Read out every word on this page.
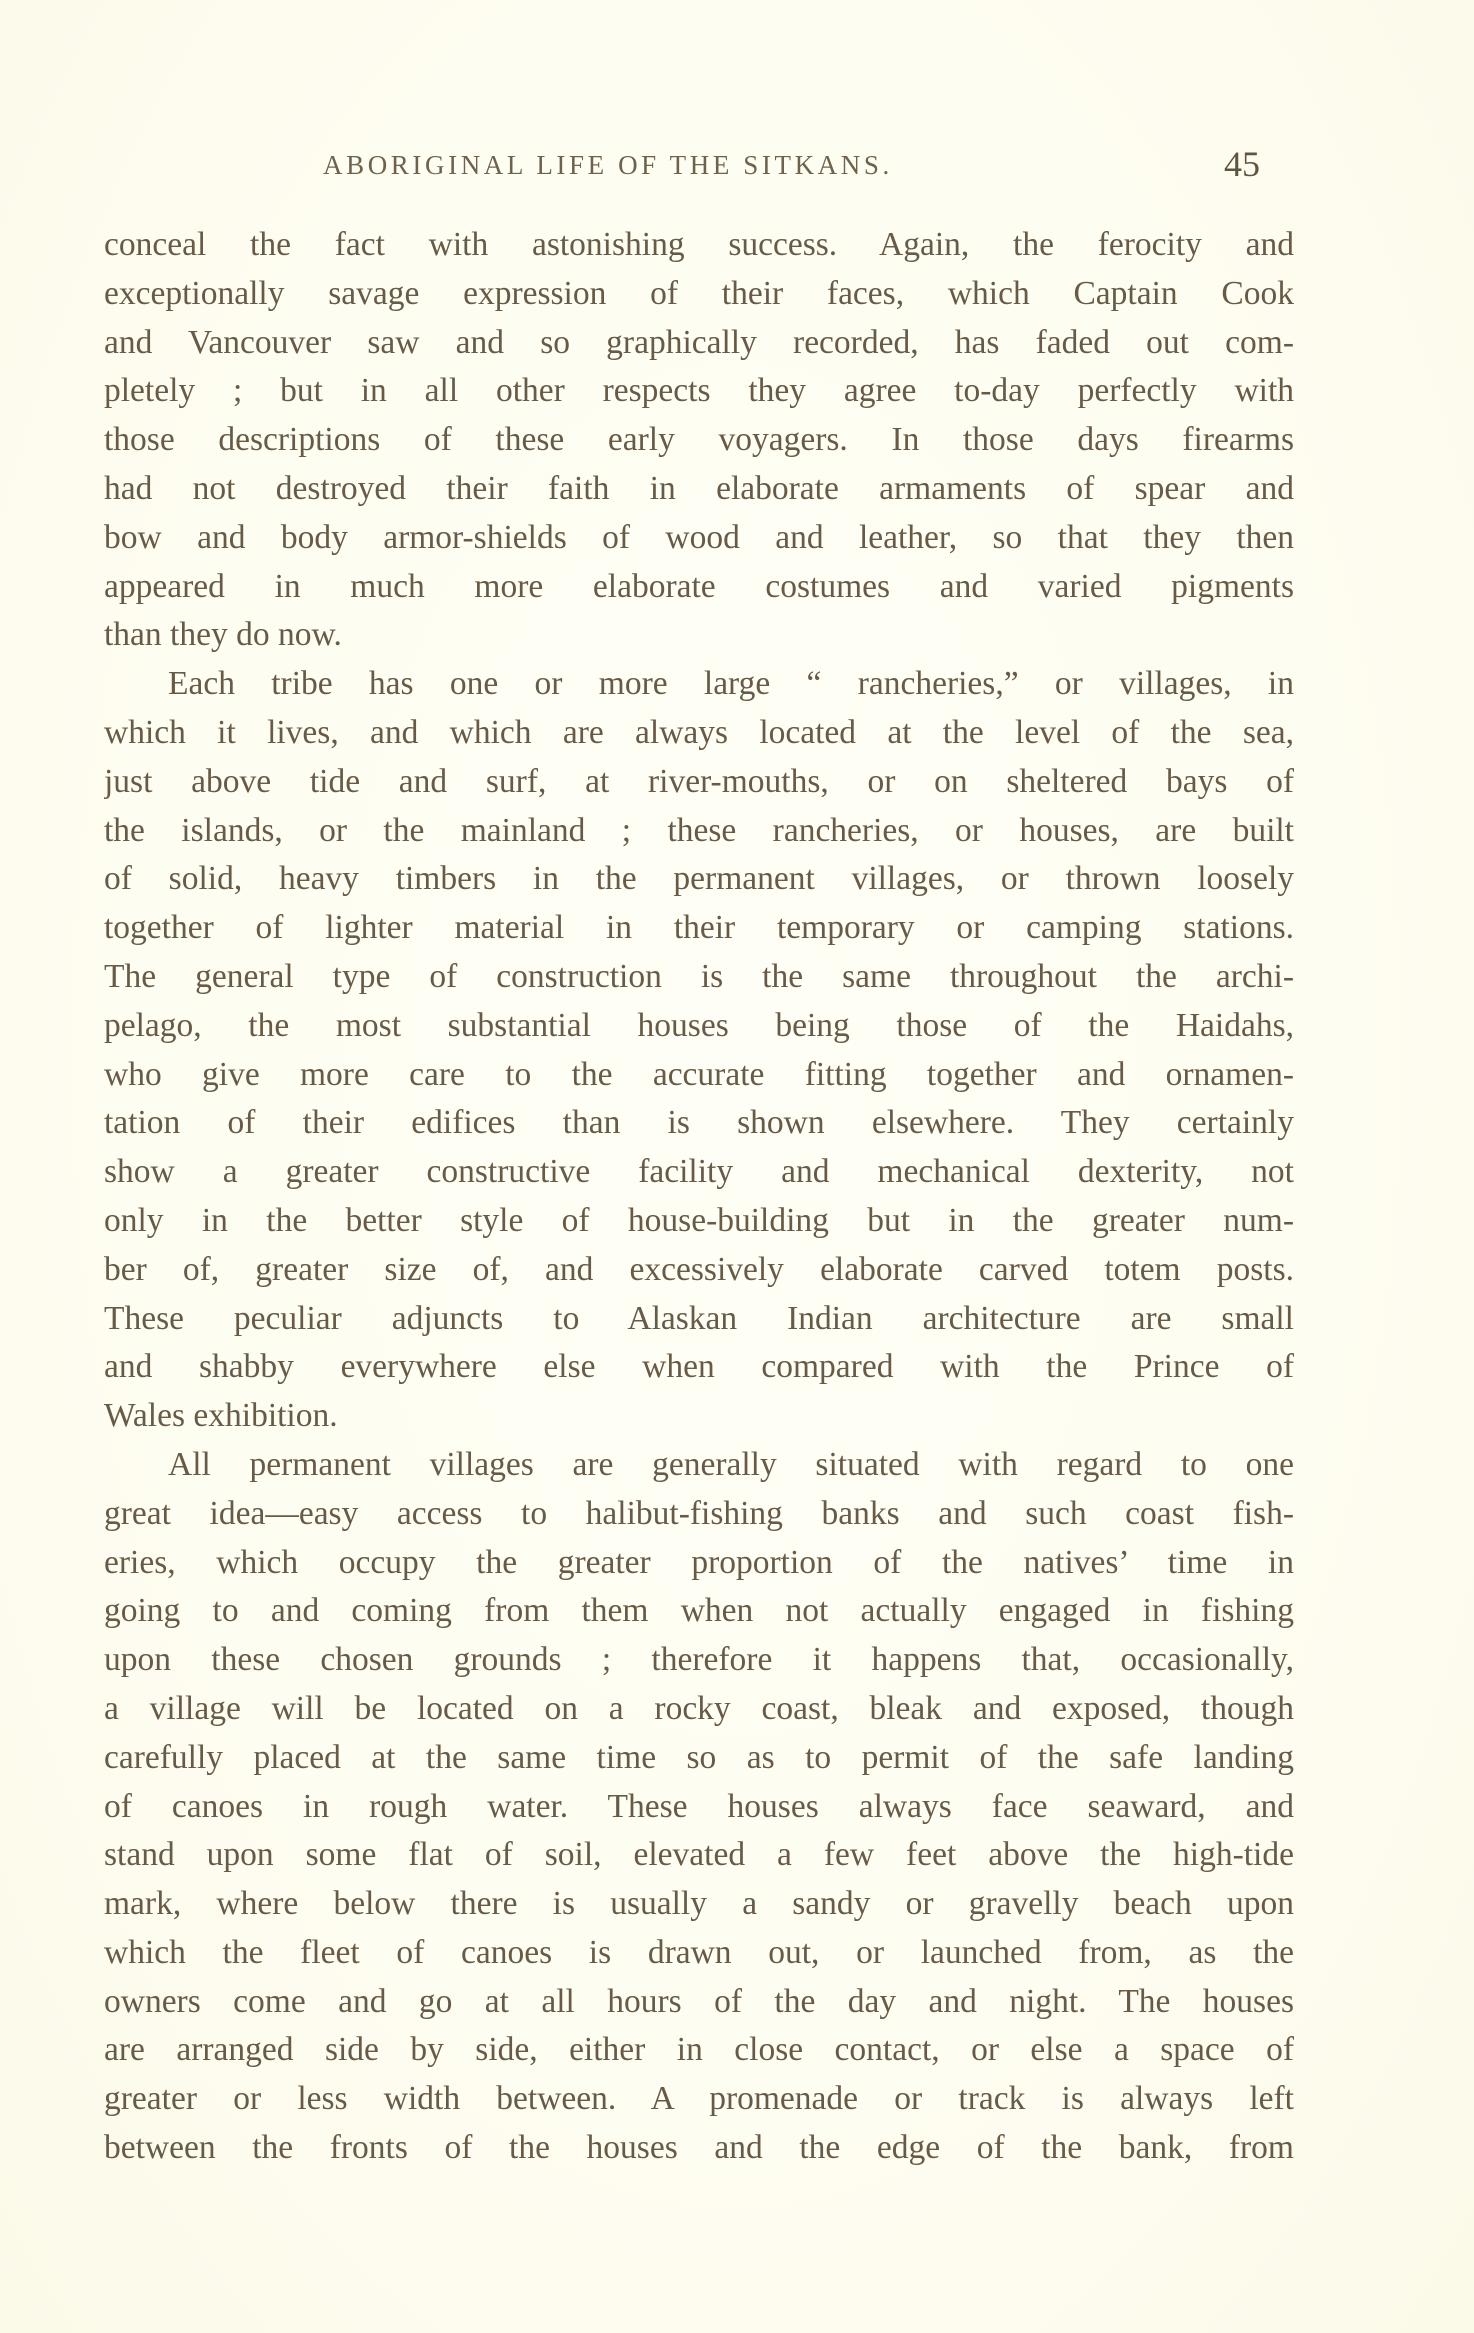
ABORIGINAL LIFE OF THE SITKANS.	45
conceal the fact with astonishing success. Again, the ferocity and
exceptionally savage expression of their faces, which Captain Cook
and Vancouver saw and so graphically recorded, has faded out com-
pletely ; but in all other respects they agree to-day perfectly with
those descriptions of these early voyagers. In those days firearms
had not destroyed their faith in elaborate armaments of spear and
bow and body armor-shields of wood and leather, so that they then
appeared in much more elaborate costumes and varied pigments
than they do now.
Each tribe has one or more large “ rancheries,” or villages, in
which it lives, and which are always located at the level of the sea,
just above tide and surf, at river-mouths, or on sheltered bays of
the islands, or the mainland ; these rancheries, or houses, are built
of solid, heavy timbers in the permanent villages, or thrown loosely
together of lighter material in their temporary or camping stations.
The general type of construction is the same throughout the archi-
pelago, the most substantial houses being those of the Haidahs,
who give more care to the accurate fitting together and ornamen-
tation of their edifices than is shown elsewhere. They certainly
show a greater constructive facility and mechanical dexterity, not
only in the better style of house-building but in the greater num-
ber of, greater size of, and excessively elaborate carved totem posts.
These peculiar adjuncts to Alaskan Indian architecture are small
and shabby everywhere else when compared with the Prince of
Wales exhibition.
All permanent villages are generally situated with regard to one
great idea—easy access to halibut-fishing banks and such coast fish-
eries, which occupy the greater proportion of the natives’ time in
going to and coming from them when not actually engaged in fishing
upon these chosen grounds ; therefore it happens that, occasionally,
a village will be located on a rocky coast, bleak and exposed, though
carefully placed at the same time so as to permit of the safe landing
of canoes in rough water. These houses always face seaward, and
stand upon some flat of soil, elevated a few feet above the high-tide
mark, where below there is usually a sandy or gravelly beach upon
which the fleet of canoes is drawn out, or launched from, as the
owners come and go at all hours of the day and night. The houses
are arranged side by side, either in close contact, or else a space of
greater or less width between. A promenade or track is always left
between the fronts of the houses and the edge of the bank, from
